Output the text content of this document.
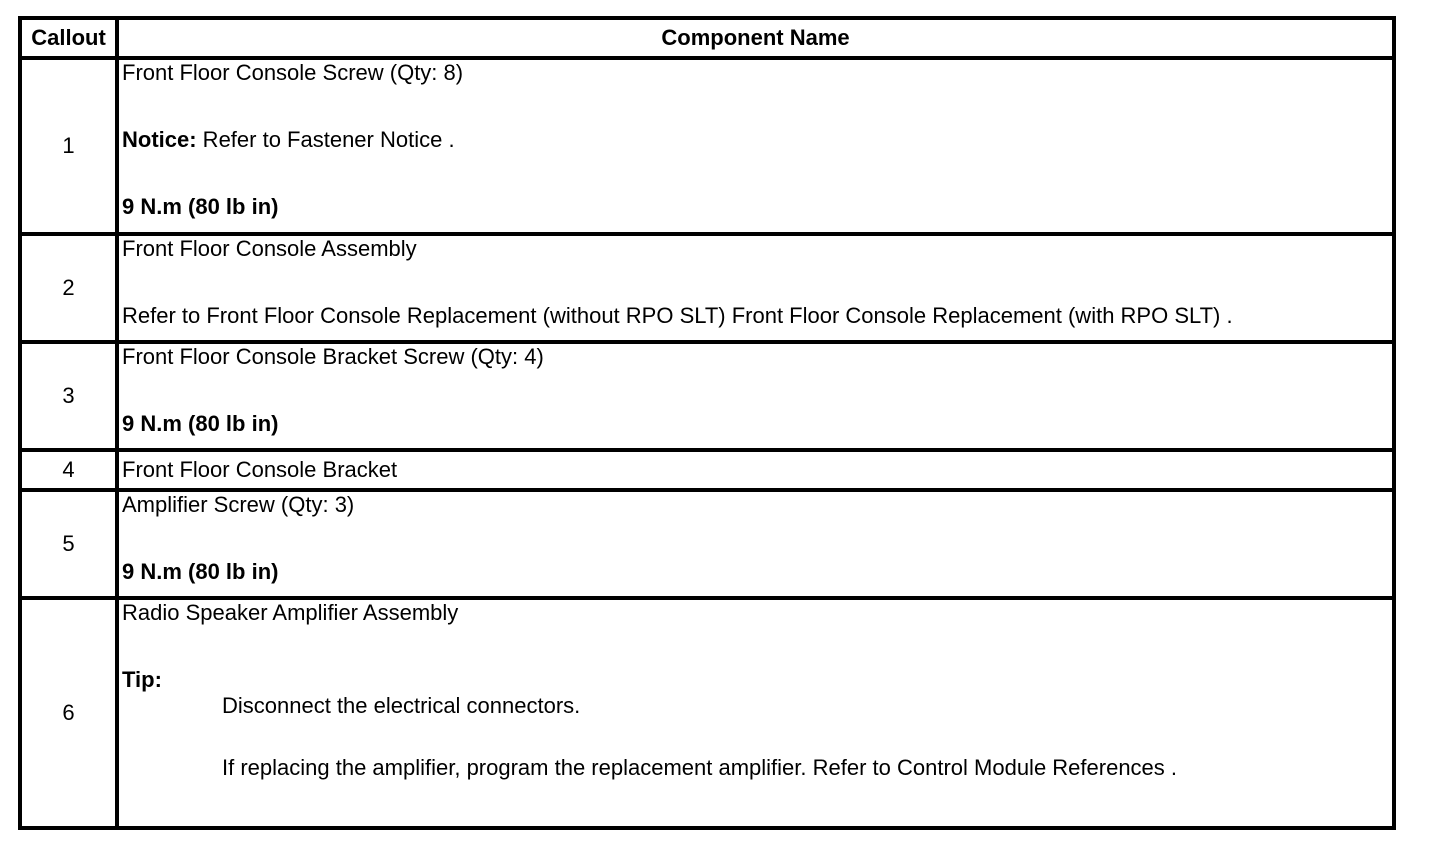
Callout	Component Name
1	Front Floor Console Screw (Qty: 8)
Notice: Refer to Fastener Notice .
9 N.m (80 lb in)

2	Front Floor Console Assembly
Refer to Front Floor Console Replacement (without RPO SLT) Front Floor Console Replacement (with RPO SLT) .

3	Front Floor Console Bracket Screw (Qty: 4)
9 N.m (80 lb in)

4	Front Floor Console Bracket

5	Amplifier Screw (Qty: 3)
9 N.m (80 lb in)

6	Radio Speaker Amplifier Assembly
Tip:
Disconnect the electrical connectors.
If replacing the amplifier, program the replacement amplifier. Refer to Control Module References .
